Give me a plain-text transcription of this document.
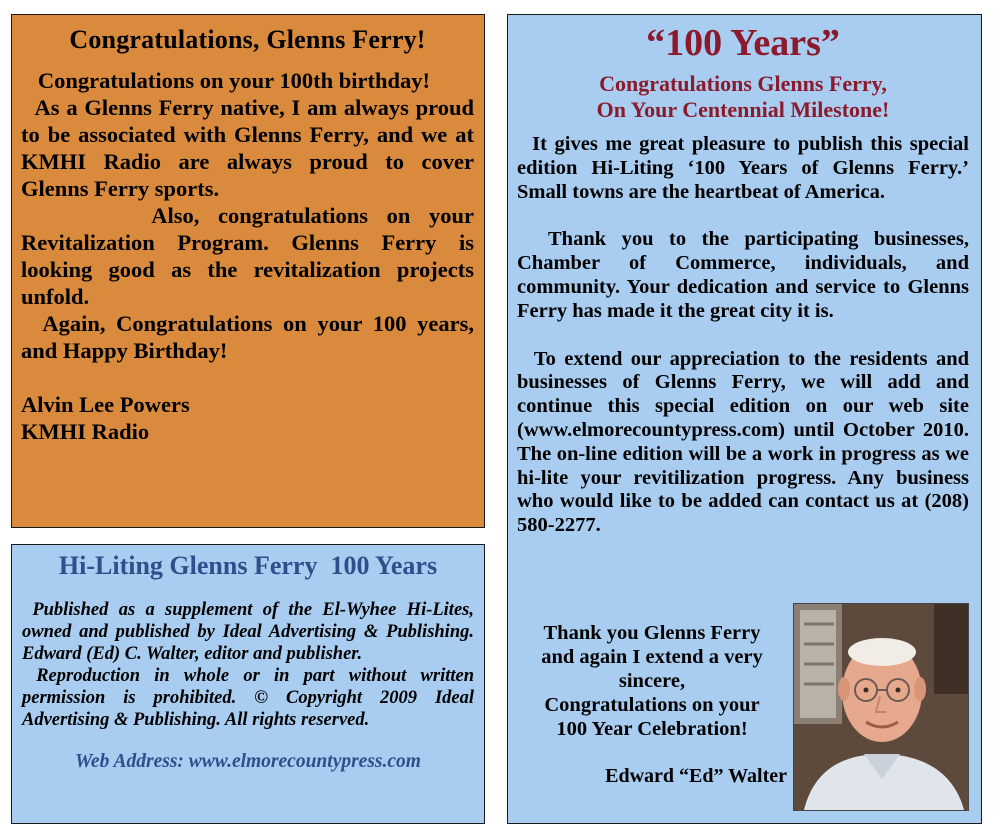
Congratulations, Glenns Ferry!

Congratulations on your 100th birthday!

As a Glenns Ferry native, I am always proud to be associated with Glenns Ferry, and we at KMHI Radio are always proud to cover Glenns Ferry sports.

Also, congratulations on your Revitalization Program. Glenns Ferry is looking good as the revitalization projects unfold.

Again, Congratulations on your 100 years, and Happy Birthday!

Alvin Lee Powers

KMHI Radio

Hi-Liting Glenns Ferry  100 Years

Published as a supplement of the El-Wyhee Hi-Lites, owned and published by Ideal Advertising & Publishing. Edward (Ed) C. Walter, editor and publisher.

Reproduction in whole or in part without written permission is prohibited. © Copyright 2009 Ideal Advertising & Publishing. All rights reserved.

Web Address: www.elmorecountypress.com
“100 Years”
Congratulations Glenns Ferry,
On Your Centennial Milestone!

It gives me great pleasure to publish this special edition Hi-Liting ‘100 Years of Glenns Ferry.’ Small towns are the heartbeat of America.

Thank you to the participating businesses, Chamber of Commerce, individuals, and community. Your dedication and service to Glenns Ferry has made it the great city it is.

To extend our appreciation to the residents and businesses of Glenns Ferry, we will add and continue this special edition on our web site (www.elmorecountypress.com) until October 2010. The on-line edition will be a work in progress as we hi-lite your revitilization progress. Any business who would like to be added can contact us at (208) 580-2277.

Thank you Glenns Ferry
and again I extend a very
sincere,
Congratulations on your
100 Year Celebration!
Edward “Ed” Walter
